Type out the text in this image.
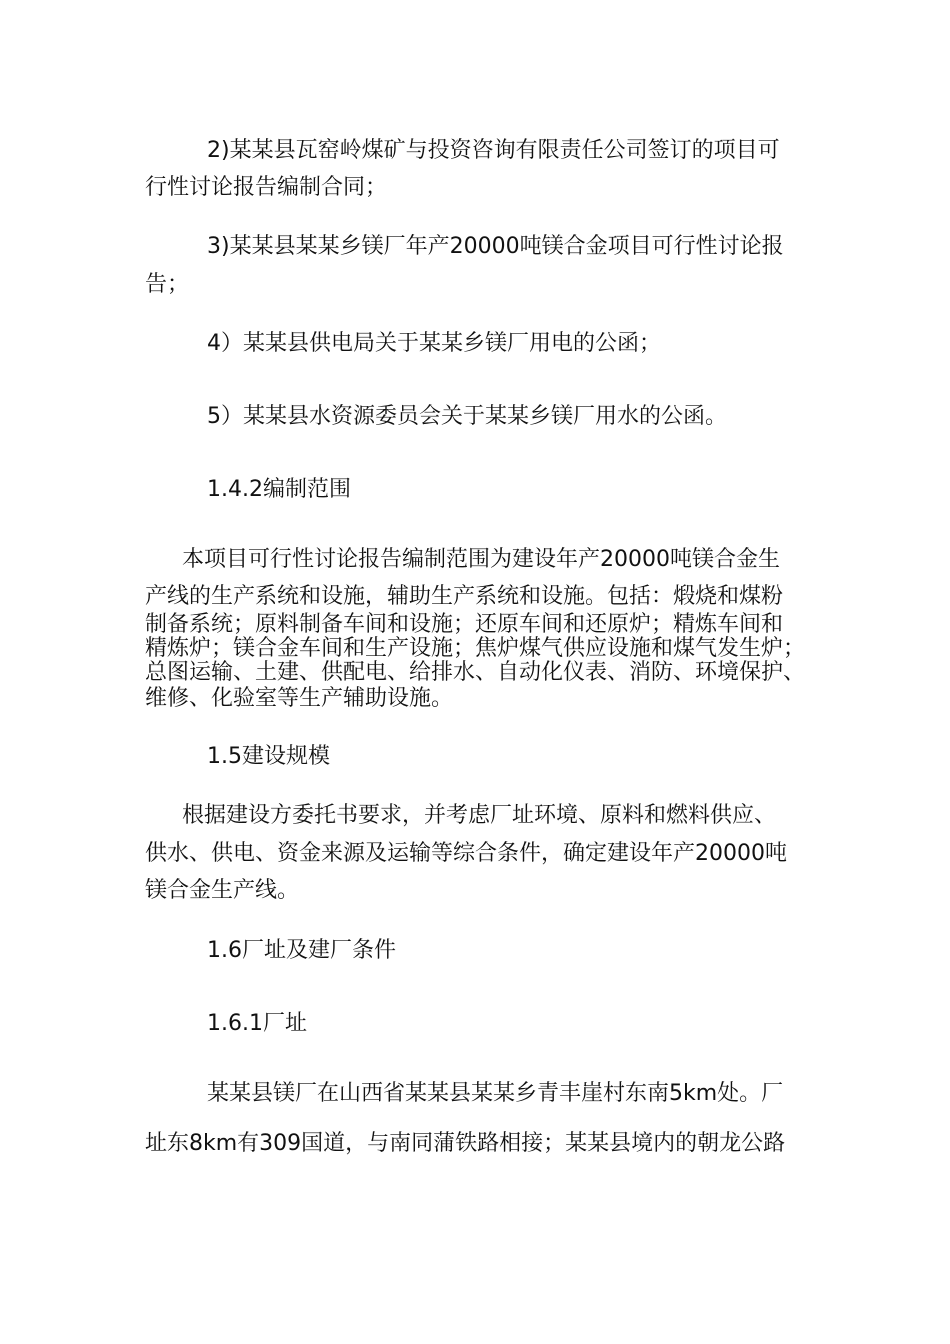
2)某某县瓦窑岭煤矿与投资咨询有限责任公司签订的项目可

行性讨论报告编制合同；

3)某某县某某乡镁厂年产20000吨镁合金项目可行性讨论报

告；

4）某某县供电局关于某某乡镁厂用电的公函；

5）某某县水资源委员会关于某某乡镁厂用水的公函。

1.4.2编制范围

本项目可行性讨论报告编制范围为建设年产20000吨镁合金生

产线的生产系统和设施，辅助生产系统和设施。包括：煅烧和煤粉

制备系统；原料制备车间和设施；还原车间和还原炉；精炼车间和

精炼炉；镁合金车间和生产设施；焦炉煤气供应设施和煤气发生炉；

总图运输、土建、供配电、给排水、自动化仪表、消防、环境保护、

维修、化验室等生产辅助设施。

1.5建设规模

根据建设方委托书要求，并考虑厂址环境、原料和燃料供应、

供水、供电、资金来源及运输等综合条件，确定建设年产20000吨

镁合金生产线。

1.6厂址及建厂条件

1.6.1厂址

某某县镁厂在山西省某某县某某乡青丰崖村东南5km处。厂

址东8km有309国道，与南同蒲铁路相接；某某县境内的朝龙公路
